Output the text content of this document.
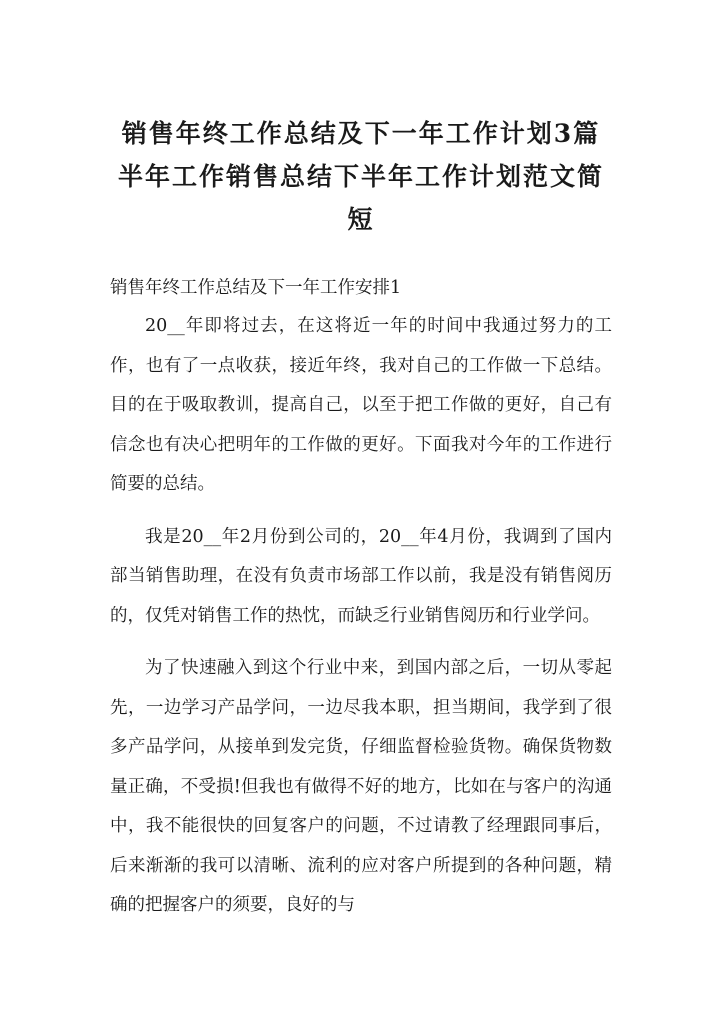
销售年终工作总结及下一年工作计划3篇
半年工作销售总结下半年工作计划范文简
短

销售年终工作总结及下一年工作安排1

20__年即将过去，在这将近一年的时间中我通过努力的工作，也有了一点收获，接近年终，我对自己的工作做一下总结。目的在于吸取教训，提高自己，以至于把工作做的更好，自己有信念也有决心把明年的工作做的更好。下面我对今年的工作进行简要的总结。

我是20__年2月份到公司的，20__年4月份，我调到了国内部当销售助理，在没有负责市场部工作以前，我是没有销售阅历的，仅凭对销售工作的热忱，而缺乏行业销售阅历和行业学问。

为了快速融入到这个行业中来，到国内部之后，一切从零起先，一边学习产品学问，一边尽我本职，担当期间，我学到了很多产品学问，从接单到发完货，仔细监督检验货物。确保货物数量正确，不受损!但我也有做得不好的地方，比如在与客户的沟通中，我不能很快的回复客户的问题，不过请教了经理跟同事后，后来渐渐的我可以清晰、流利的应对客户所提到的各种问题，精确的把握客户的须要，良好的与
